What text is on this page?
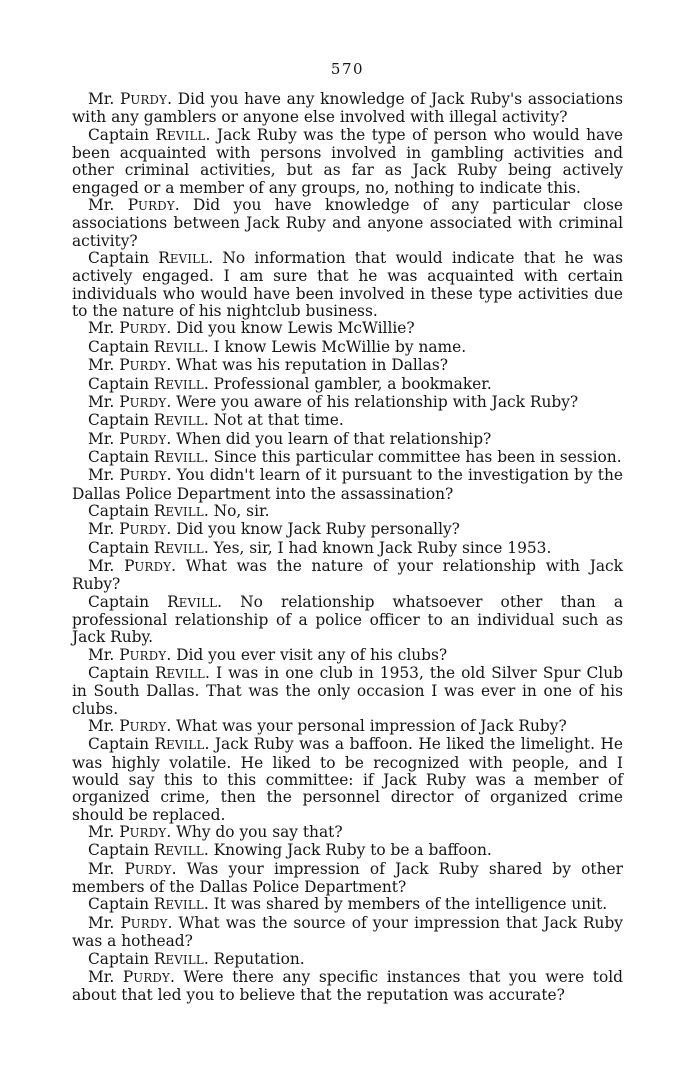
570

Mr. PURDY. Did you have any knowledge of Jack Ruby's associations with any gamblers or anyone else involved with illegal activity?

Captain REVILL. Jack Ruby was the type of person who would have been acquainted with persons involved in gambling activities and other criminal activities, but as far as Jack Ruby being actively engaged or a member of any groups, no, nothing to indicate this.

Mr. PURDY. Did you have knowledge of any particular close associations between Jack Ruby and anyone associated with criminal activity?

Captain REVILL. No information that would indicate that he was actively engaged. I am sure that he was acquainted with certain individuals who would have been involved in these type activities due to the nature of his nightclub business.

Mr. PURDY. Did you know Lewis McWillie?

Captain REVILL. I know Lewis McWillie by name.

Mr. PURDY. What was his reputation in Dallas?

Captain REVILL. Professional gambler, a bookmaker.

Mr. PURDY. Were you aware of his relationship with Jack Ruby?

Captain REVILL. Not at that time.

Mr. PURDY. When did you learn of that relationship?

Captain REVILL. Since this particular committee has been in session.

Mr. PURDY. You didn't learn of it pursuant to the investigation by the Dallas Police Department into the assassination?

Captain REVILL. No, sir.

Mr. PURDY. Did you know Jack Ruby personally?

Captain REVILL. Yes, sir, I had known Jack Ruby since 1953.

Mr. PURDY. What was the nature of your relationship with Jack Ruby?

Captain REVILL. No relationship whatsoever other than a professional relationship of a police officer to an individual such as Jack Ruby.

Mr. PURDY. Did you ever visit any of his clubs?

Captain REVILL. I was in one club in 1953, the old Silver Spur Club in South Dallas. That was the only occasion I was ever in one of his clubs.

Mr. PURDY. What was your personal impression of Jack Ruby?

Captain REVILL. Jack Ruby was a baffoon. He liked the limelight. He was highly volatile. He liked to be recognized with people, and I would say this to this committee: if Jack Ruby was a member of organized crime, then the personnel director of organized crime should be replaced.

Mr. PURDY. Why do you say that?

Captain REVILL. Knowing Jack Ruby to be a baffoon.

Mr. PURDY. Was your impression of Jack Ruby shared by other members of the Dallas Police Department?

Captain REVILL. It was shared by members of the intelligence unit.

Mr. PURDY. What was the source of your impression that Jack Ruby was a hothead?

Captain REVILL. Reputation.

Mr. PURDY. Were there any specific instances that you were told about that led you to believe that the reputation was accurate?
